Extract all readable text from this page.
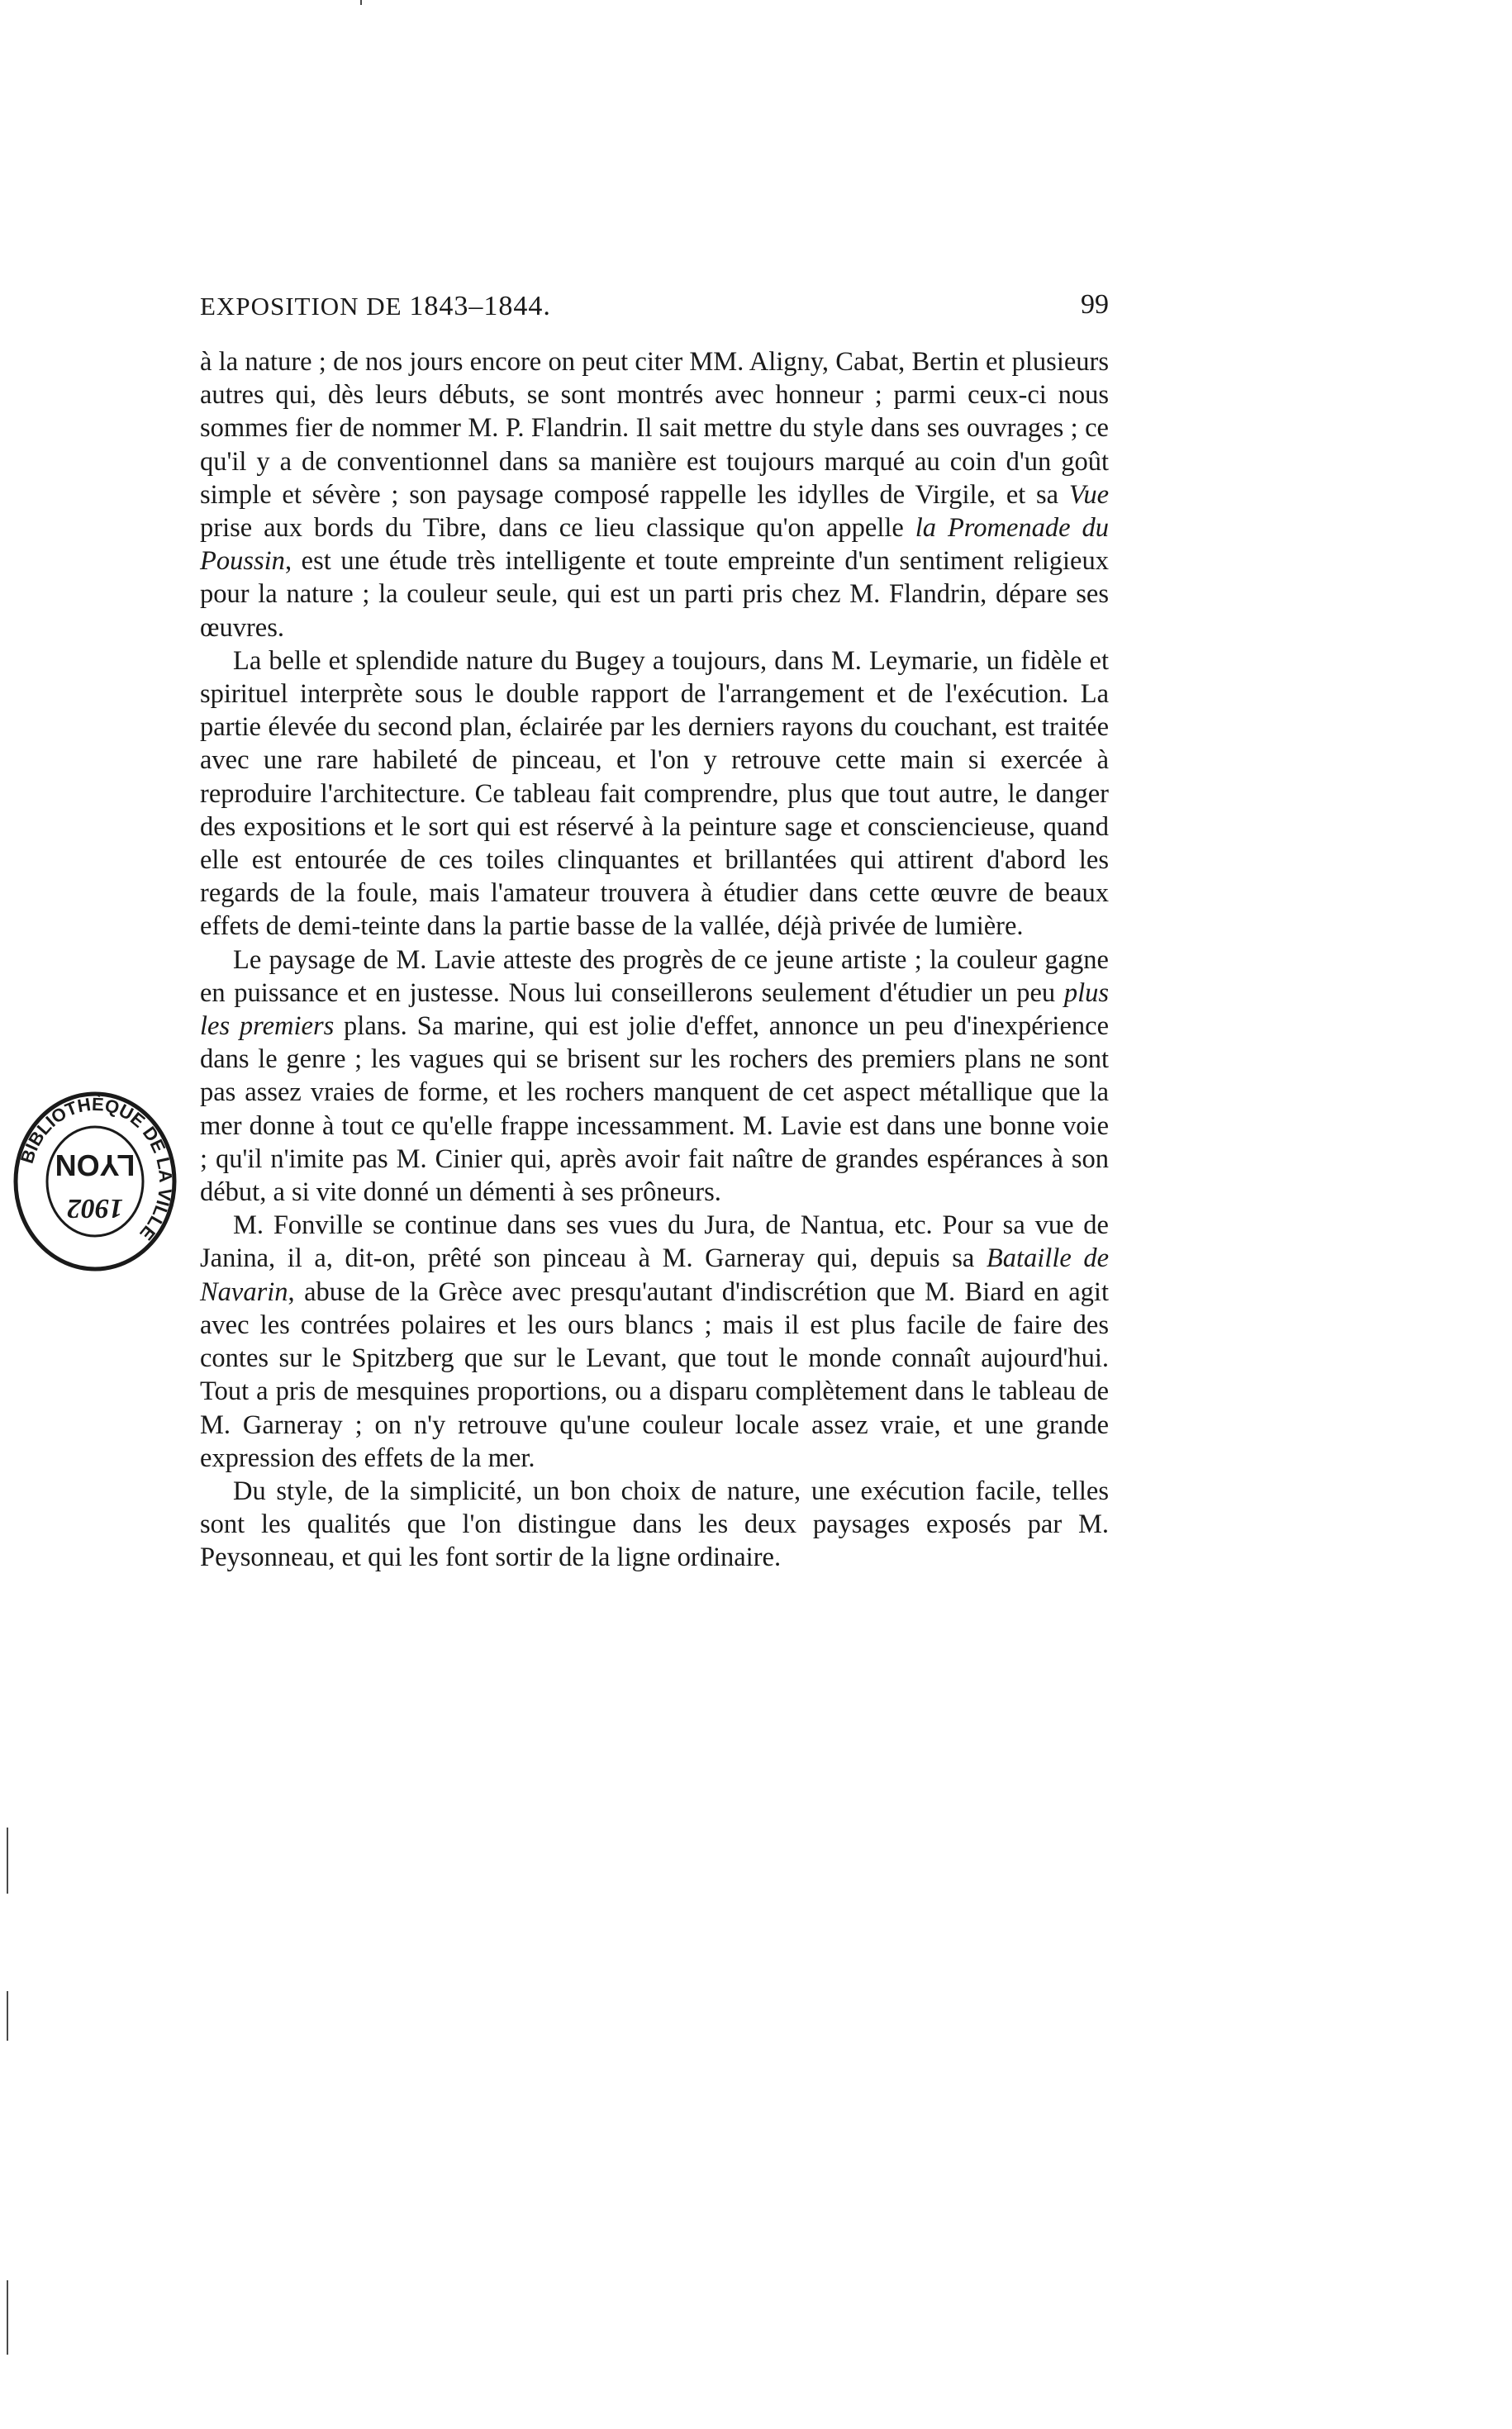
EXPOSITION DE 1843–1844.	99

à la nature ; de nos jours encore on peut citer MM. Aligny, Cabat, Bertin et plusieurs autres qui, dès leurs débuts, se sont montrés avec honneur ; parmi ceux-ci nous sommes fier de nommer M. P. Flandrin. Il sait mettre du style dans ses ouvrages ; ce qu'il y a de conventionnel dans sa manière est toujours marqué au coin d'un goût simple et sévère ; son paysage composé rappelle les idylles de Virgile, et sa Vue prise aux bords du Tibre, dans ce lieu classique qu'on appelle la Promenade du Poussin, est une étude très intelligente et toute empreinte d'un sentiment religieux pour la nature ; la couleur seule, qui est un parti pris chez M. Flandrin, dépare ses œuvres.

La belle et splendide nature du Bugey a toujours, dans M. Leymarie, un fidèle et spirituel interprète sous le double rapport de l'arrangement et de l'exécution. La partie élevée du second plan, éclairée par les derniers rayons du couchant, est traitée avec une rare habileté de pinceau, et l'on y retrouve cette main si exercée à reproduire l'architecture. Ce tableau fait comprendre, plus que tout autre, le danger des expositions et le sort qui est réservé à la peinture sage et consciencieuse, quand elle est entourée de ces toiles clinquantes et brillantées qui attirent d'abord les regards de la foule, mais l'amateur trouvera à étudier dans cette œuvre de beaux effets de demi-teinte dans la partie basse de la vallée, déjà privée de lumière.

Le paysage de M. Lavie atteste des progrès de ce jeune artiste ; la couleur gagne en puissance et en justesse. Nous lui conseillerons seulement d'étudier un peu plus les premiers plans. Sa marine, qui est jolie d'effet, annonce un peu d'inexpérience dans le genre ; les vagues qui se brisent sur les rochers des premiers plans ne sont pas assez vraies de forme, et les rochers manquent de cet aspect métallique que la mer donne à tout ce qu'elle frappe incessamment. M. Lavie est dans une bonne voie ; qu'il n'imite pas M. Cinier qui, après avoir fait naître de grandes espérances à son début, a si vite donné un démenti à ses prôneurs.

M. Fonville se continue dans ses vues du Jura, de Nantua, etc. Pour sa vue de Janina, il a, dit-on, prêté son pinceau à M. Garneray qui, depuis sa Bataille de Navarin, abuse de la Grèce avec presqu'autant d'indiscrétion que M. Biard en agit avec les contrées polaires et les ours blancs ; mais il est plus facile de faire des contes sur le Spitzberg que sur le Levant, que tout le monde connaît aujourd'hui. Tout a pris de mesquines proportions, ou a disparu complètement dans le tableau de M. Garneray ; on n'y retrouve qu'une couleur locale assez vraie, et une grande expression des effets de la mer.

Du style, de la simplicité, un bon choix de nature, une exécution facile, telles sont les qualités que l'on distingue dans les deux paysages exposés par M. Peysonneau, et qui les font sortir de la ligne ordinaire.

BIBLIOTHÈQUE DE LA VILLE
1902
LYON
